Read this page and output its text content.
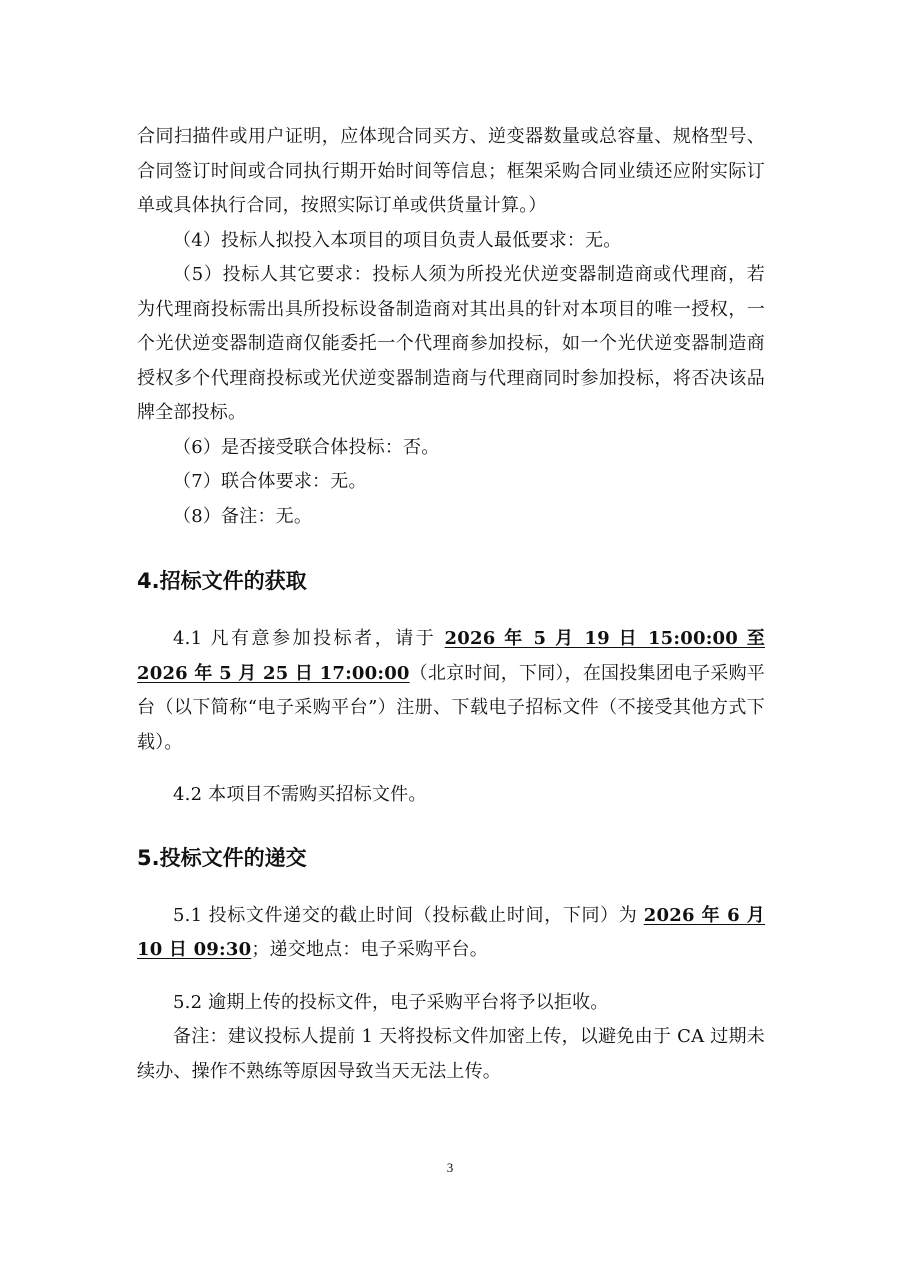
合同扫描件或用户证明，应体现合同买方、逆变器数量或总容量、规格型号、合同签订时间或合同执行期开始时间等信息；框架采购合同业绩还应附实际订单或具体执行合同，按照实际订单或供货量计算。）

（4）投标人拟投入本项目的项目负责人最低要求：无。

（5）投标人其它要求：投标人须为所投光伏逆变器制造商或代理商，若为代理商投标需出具所投标设备制造商对其出具的针对本项目的唯一授权，一个光伏逆变器制造商仅能委托一个代理商参加投标，如一个光伏逆变器制造商授权多个代理商投标或光伏逆变器制造商与代理商同时参加投标，将否决该品牌全部投标。

（6）是否接受联合体投标：否。

（7）联合体要求：无。

（8）备注：无。

4.招标文件的获取

4.1 凡有意参加投标者，请于 2026 年 5 月 19 日 15:00:00 至 2026 年 5 月 25 日 17:00:00（北京时间，下同），在国投集团电子采购平台（以下简称“电子采购平台”）注册、下载电子招标文件（不接受其他方式下载）。

4.2 本项目不需购买招标文件。

5.投标文件的递交

5.1 投标文件递交的截止时间（投标截止时间，下同）为 2026 年 6 月 10 日 09:30；递交地点：电子采购平台。

5.2 逾期上传的投标文件，电子采购平台将予以拒收。

备注：建议投标人提前 1 天将投标文件加密上传，以避免由于 CA 过期未续办、操作不熟练等原因导致当天无法上传。

3
